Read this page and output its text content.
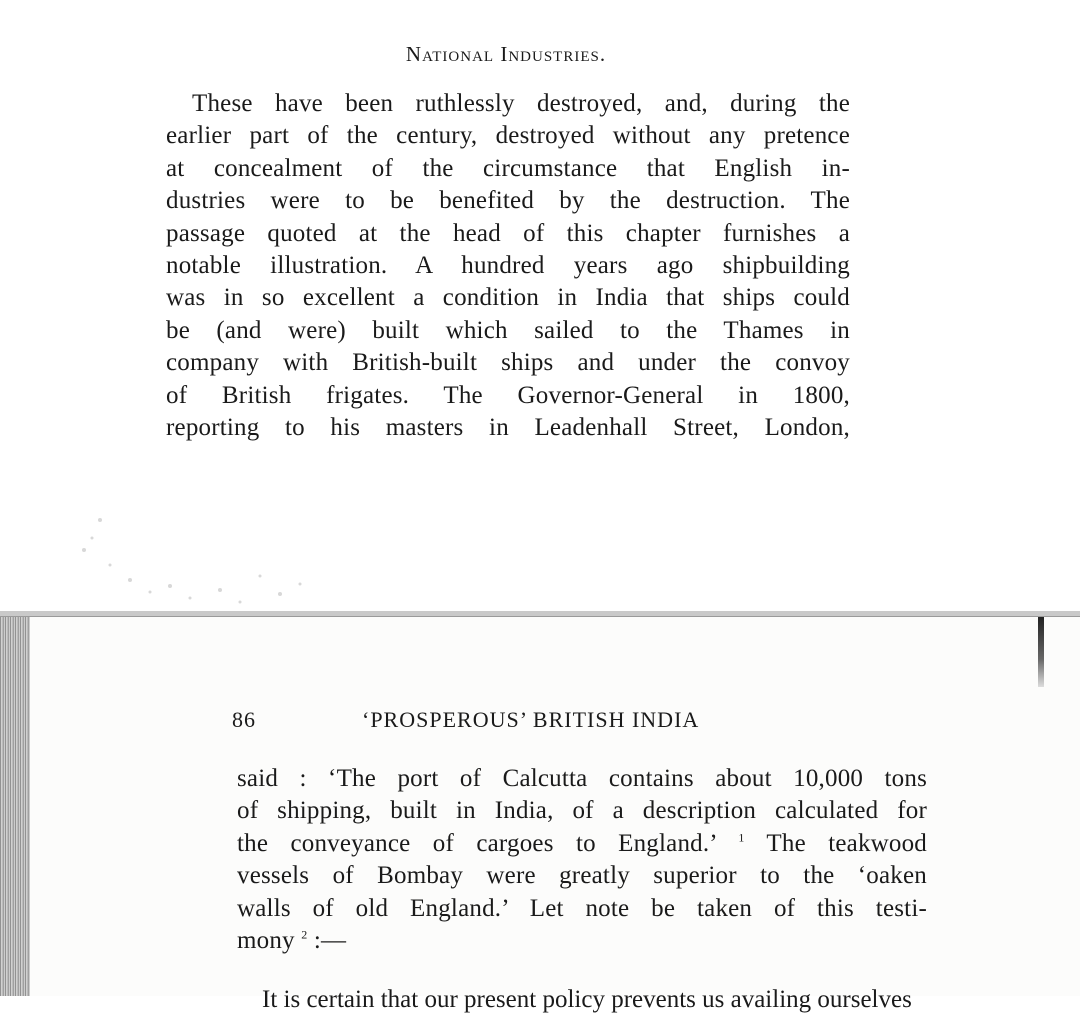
National Industries.
These have been ruthlessly destroyed, and, during the
earlier part of the century, destroyed without any pretence
at concealment of the circumstance that English in-
dustries were to be benefited by the destruction. The
passage quoted at the head of this chapter furnishes a
notable illustration. A hundred years ago shipbuilding
was in so excellent a condition in India that ships could
be (and were) built which sailed to the Thames in
company with British-built ships and under the convoy
of British frigates. The Governor-General in 1800,
reporting to his masters in Leadenhall Street, London,
86	‘PROSPEROUS’ BRITISH INDIA
said : ‘The port of Calcutta contains about 10,000 tons
of shipping, built in India, of a description calculated for
the conveyance of cargoes to England.’ $^1$ The teakwood
vessels of Bombay were greatly superior to the ‘oaken
walls of old England.’ Let note be taken of this testi-
mony $^2$ :—
It is certain that our present policy prevents us availing ourselves
